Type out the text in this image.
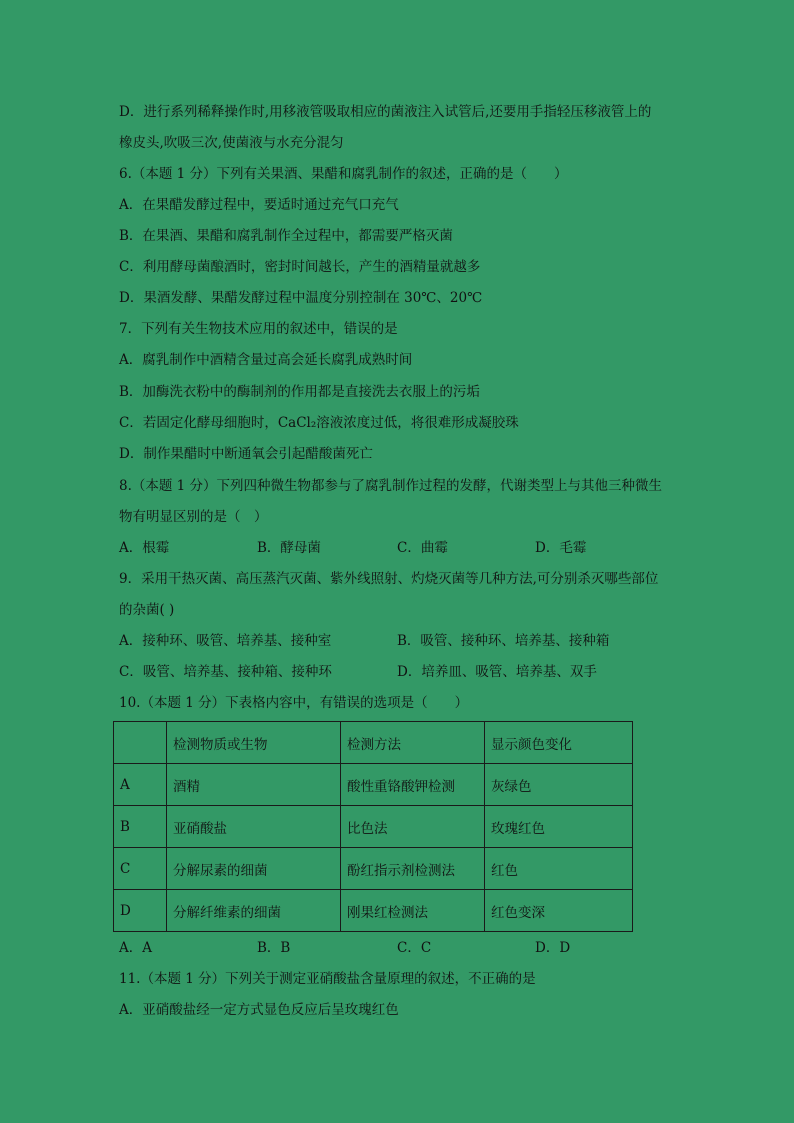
D．进行系列稀释操作时,用移液管吸取相应的菌液注入试管后,还要用手指轻压移液管上的
橡皮头,吹吸三次,使菌液与水充分混匀
6.（本题 1 分）下列有关果酒、果醋和腐乳制作的叙述，正确的是（　　）
A．在果醋发酵过程中，要适时通过充气口充气
B．在果酒、果醋和腐乳制作全过程中，都需要严格灭菌
C．利用酵母菌酿酒时，密封时间越长，产生的酒精量就越多
D．果酒发酵、果醋发酵过程中温度分别控制在 30℃、20℃
7．下列有关生物技术应用的叙述中，错误的是
A．腐乳制作中酒精含量过高会延长腐乳成熟时间
B．加酶洗衣粉中的酶制剂的作用都是直接洗去衣服上的污垢
C．若固定化酵母细胞时，CaCl₂溶液浓度过低，将很难形成凝胶珠
D．制作果醋时中断通氧会引起醋酸菌死亡
8.（本题 1 分）下列四种微生物都参与了腐乳制作过程的发酵，代谢类型上与其他三种微生
物有明显区别的是（　）
A．根霉	B．酵母菌	C．曲霉	D．毛霉
9．采用干热灭菌、高压蒸汽灭菌、紫外线照射、灼烧灭菌等几种方法,可分别杀灭哪些部位
的杂菌( )
A．接种环、吸管、培养基、接种室	B．吸管、接种环、培养基、接种箱
C．吸管、培养基、接种箱、接种环	D．培养皿、吸管、培养基、双手
10.（本题 1 分）下表格内容中，有错误的选项是（　　）
	检测物质或生物	检测方法	显示颜色变化
A	酒精	酸性重铬酸钾检测	灰绿色
B	亚硝酸盐	比色法	玫瑰红色
C	分解尿素的细菌	酚红指示剂检测法	红色
D	分解纤维素的细菌	刚果红检测法	红色变深
A．A	B．B	C．C	D．D
11.（本题 1 分）下列关于测定亚硝酸盐含量原理的叙述，不正确的是
A．亚硝酸盐经一定方式显色反应后呈玫瑰红色
